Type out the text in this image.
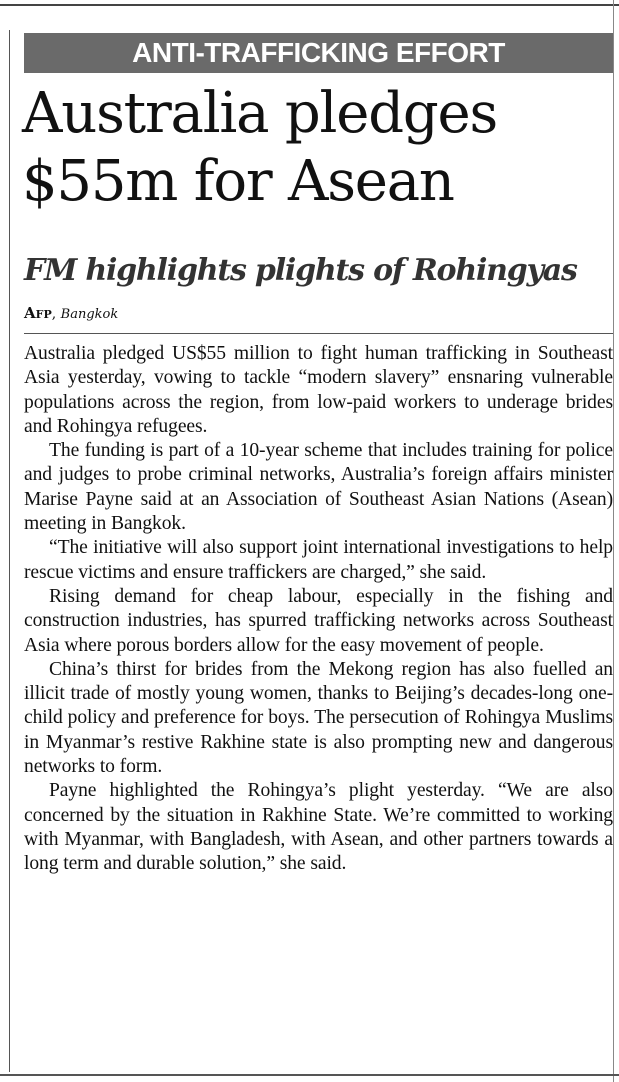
ANTI-TRAFFICKING EFFORT
Australia pledges
$55m for Asean
FM highlights plights of Rohingyas
Afp, Bangkok

Australia pledged US$55 million to fight human trafficking in Southeast Asia yesterday, vowing to tackle “modern slavery” ensnaring vulnerable populations across the region, from low-paid workers to underage brides and Rohingya refugees.

The funding is part of a 10-year scheme that includes training for police and judges to probe criminal networks, Australia’s foreign affairs minister Marise Payne said at an Association of Southeast Asian Nations (Asean) meeting in Bangkok.

“The initiative will also support joint international investigations to help rescue victims and ensure traffickers are charged,” she said.

Rising demand for cheap labour, especially in the fishing and construction industries, has spurred trafficking networks across Southeast Asia where porous borders allow for the easy movement of people.

China’s thirst for brides from the Mekong region has also fuelled an illicit trade of mostly young women, thanks to Beijing’s decades-long one-child policy and preference for boys. The persecution of Rohingya Muslims in Myanmar’s restive Rakhine state is also prompting new and dangerous networks to form.

Payne highlighted the Rohingya’s plight yesterday. “We are also concerned by the situation in Rakhine State. We’re committed to working with Myanmar, with Bangladesh, with Asean, and other partners towards a long term and durable solution,” she said.
